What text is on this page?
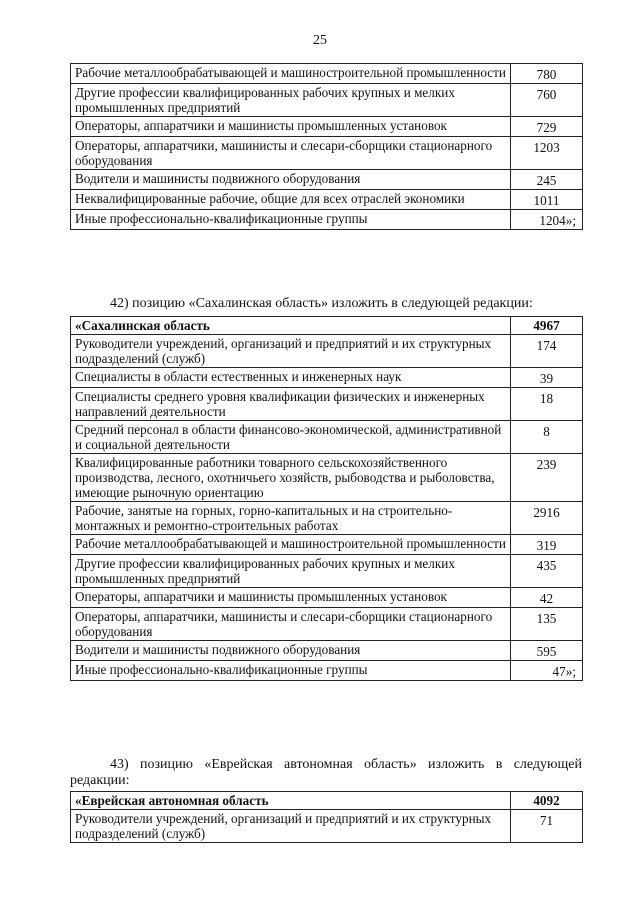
25
Рабочие металлообрабатывающей и машиностроительной промышленности	780
Другие профессии квалифицированных рабочих крупных и мелких промышленных предприятий	760
Операторы, аппаратчики и машинисты промышленных установок	729
Операторы, аппаратчики, машинисты и слесари-сборщики стационарного оборудования	1203
Водители и машинисты подвижного оборудования	245
Неквалифицированные рабочие, общие для всех отраслей экономики	1011
Иные профессионально-квалификационные группы	1204»;
42) позицию «Сахалинская область» изложить в следующей редакции:
«Сахалинская область	4967
Руководители учреждений, организаций и предприятий и их структурных подразделений (служб)	174
Специалисты в области естественных и инженерных наук	39
Специалисты среднего уровня квалификации физических и инженерных направлений деятельности	18
Средний персонал в области финансово-экономической, административной и социальной деятельности	8
Квалифицированные работники товарного сельскохозяйственного производства, лесного, охотничьего хозяйств, рыбоводства и рыболовства, имеющие рыночную ориентацию	239
Рабочие, занятые на горных, горно-капитальных и на строительно-монтажных и ремонтно-строительных работах	2916
Рабочие металлообрабатывающей и машиностроительной промышленности	319
Другие профессии квалифицированных рабочих крупных и мелких промышленных предприятий	435
Операторы, аппаратчики и машинисты промышленных установок	42
Операторы, аппаратчики, машинисты и слесари-сборщики стационарного оборудования	135
Водители и машинисты подвижного оборудования	595
Иные профессионально-квалификационные группы	47»;
43) позицию «Еврейская автономная область» изложить в следующей редакции:
«Еврейская автономная область	4092
Руководители учреждений, организаций и предприятий и их структурных подразделений (служб)	71
